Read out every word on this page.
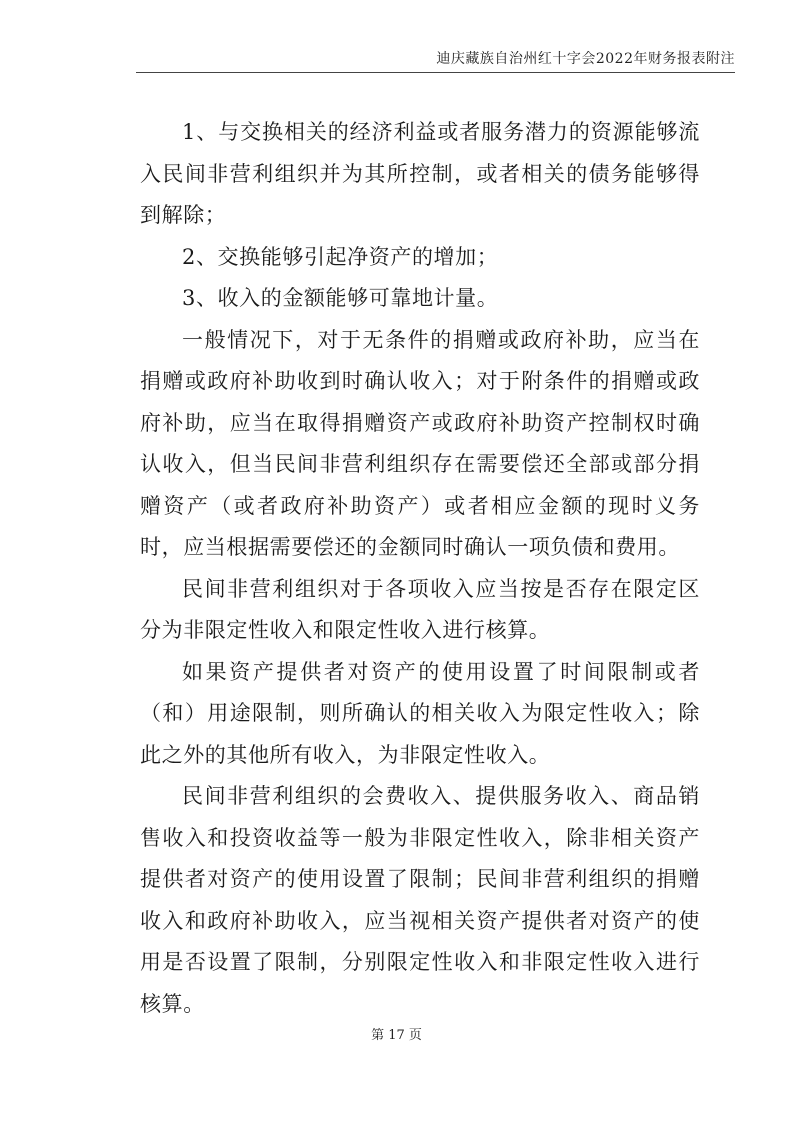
迪庆藏族自治州红十字会2022年财务报表附注

1、与交换相关的经济利益或者服务潜力的资源能够流入民间非营利组织并为其所控制，或者相关的债务能够得到解除；

2、交换能够引起净资产的增加；

3、收入的金额能够可靠地计量。

一般情况下，对于无条件的捐赠或政府补助，应当在捐赠或政府补助收到时确认收入；对于附条件的捐赠或政府补助，应当在取得捐赠资产或政府补助资产控制权时确认收入，但当民间非营利组织存在需要偿还全部或部分捐赠资产（或者政府补助资产）或者相应金额的现时义务时，应当根据需要偿还的金额同时确认一项负债和费用。

民间非营利组织对于各项收入应当按是否存在限定区分为非限定性收入和限定性收入进行核算。

如果资产提供者对资产的使用设置了时间限制或者（和）用途限制，则所确认的相关收入为限定性收入；除此之外的其他所有收入，为非限定性收入。

民间非营利组织的会费收入、提供服务收入、商品销售收入和投资收益等一般为非限定性收入，除非相关资产提供者对资产的使用设置了限制；民间非营利组织的捐赠收入和政府补助收入，应当视相关资产提供者对资产的使用是否设置了限制，分别限定性收入和非限定性收入进行核算。

第 17 页
